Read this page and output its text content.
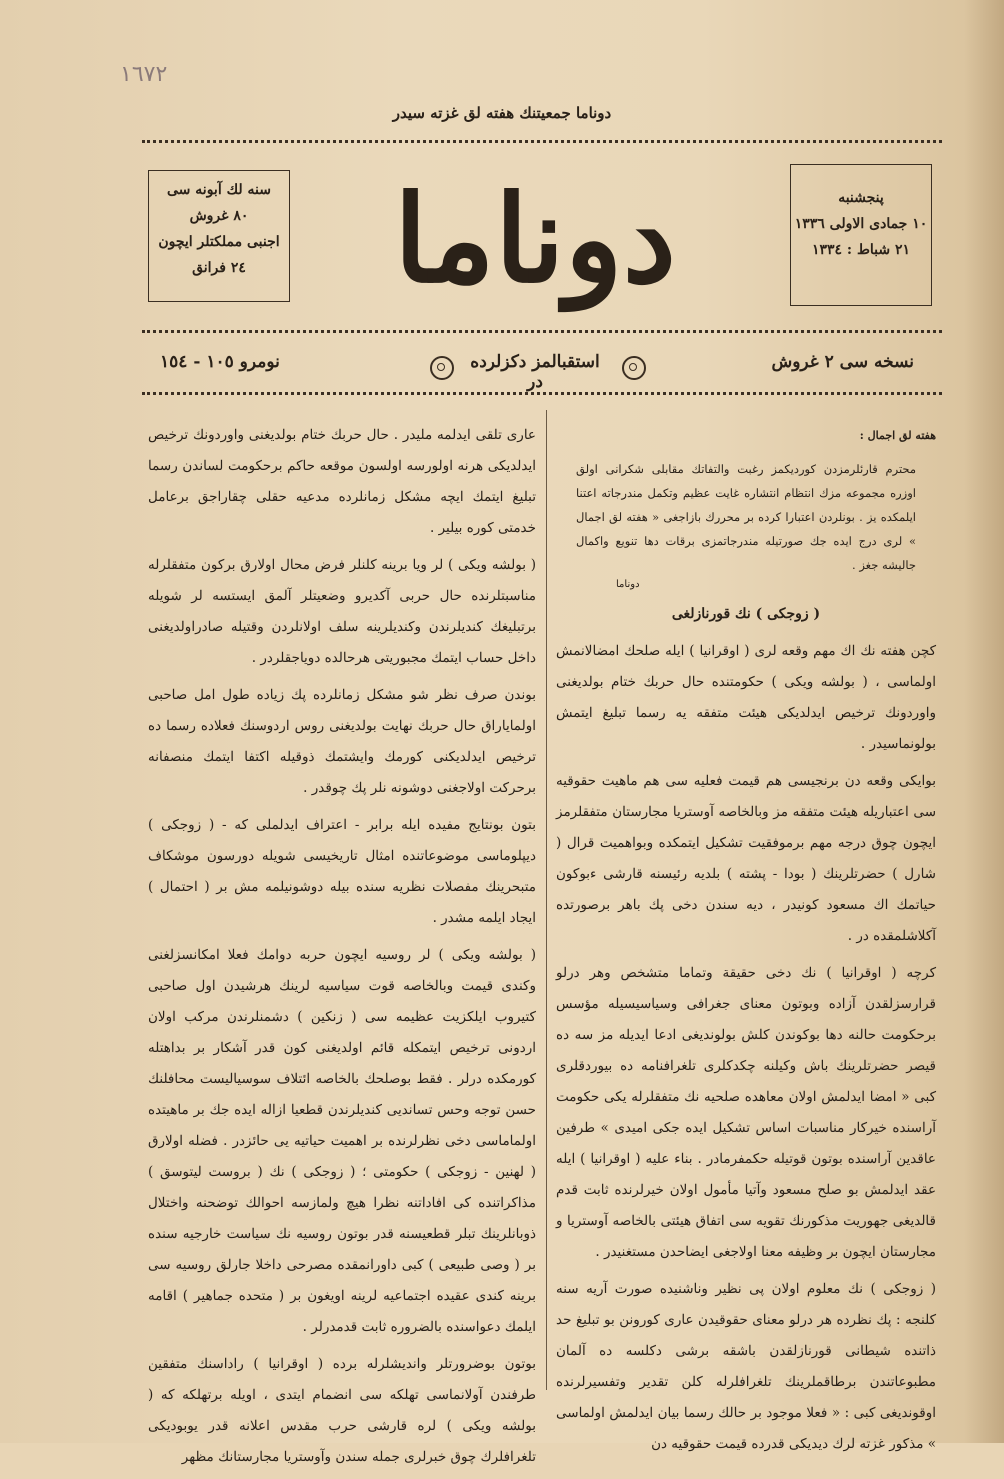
١٦٧٢
دوناما جمعيتنك هفته لق غزته سيدر
سنه لك آبونه سى
٨٠ غروش
اجنبى مملكتلر ايچون
٢٤ فرانق	دوناما	پنجشنبه
١٠ جمادى الاولى ١٣٣٦
٢١ شباط : ١٣٣٤
نسخه سى ٢ غروش
استقبالمز دكزلرده در
نومرو ١٠٥ - ١٥٤
هفته لق اجمال :
محترم قارئلرمزدن كورديكمز رغبت والتفاتك مقابلى شكرانى اولق اوزره مجموعه مزك انتظام انتشاره غايت عظيم وتكمل مندرجاته اعتنا ايلمكده يز . بونلردن اعتبارا كرده بر محررك بازاجغى « هفته لق اجمال » لرى درج ايده جك صورتيله مندرجاتمزى برقات دها تنويع واكمال جاليشه جغز .
دوناما
( زوجكى ) نك قورنازلغى

كچن هفته نك اك مهم وقعه لرى ( اوقرانيا ) ايله صلحك امضالانمش اولماسى ، ( بولشه ويكى ) حكومتنده حال حربك ختام بولديغنى واوردونك ترخيص ايدلديكى هيئت متفقه يه رسما تبليغ ايتمش بولونماسيدر .

بوايكى وقعه دن برنجيسى هم قيمت فعليه سى هم ماهيت حقوقيه سى اعتباريله هيئت متفقه مز وبالخاصه آوستريا مجارستان متفقلرمز ايچون چوق درجه مهم برموفقيت تشكيل ايتمكده وبواهميت قرال ( شارل ) حضرتلرينك ( بودا - پشته ) بلديه رئيسنه قارشى ءبوكون حياتمك اك مسعود كونيدر ، ديه سندن دخى پك باهر برصورتده آكلاشلمقده در .

كرچه ( اوقرانيا ) نك دخى حقيقة وتماما متشخص وهر درلو قرارسزلقدن آزاده وبوتون معناى جغرافى وسياسيسيله مؤسس برحكومت حالنه دها بوكوندن كلش بولونديغى ادعا ايديله مز سه ده قيصر حضرتلرينك باش وكيلنه چكدكلرى تلغرافنامه ده بيوردقلرى كبى « امضا ايدلمش اولان معاهده صلحيه نك متفقلرله يكى حكومت آراسنده خيركار مناسبات اساس تشكيل ايده جكى اميدى » طرفين عاقدين آراسنده بوتون قوتيله حكمفرمادر . بناء عليه ( اوقرانيا ) ايله عقد ايدلمش بو صلح مسعود وآتيا مأمول اولان خيرلرنده ثابت قدم قالديغى جهوريت مذكورنك تقويه سى اتفاق هيئتى بالخاصه آوستريا و مجارستان ايچون بر وظيفه معنا اولاجغى ايضاحدن مستغنيدر .

( زوجكى ) نك معلوم اولان پى نظير وناشنيده صورت آريه سنه كلنجه : پك نظرده هر درلو معناى حقوقيدن عارى كورونن بو تبليغ حد ذاتنده شيطانى قورنازلقدن باشقه برشى دكلسه ده آلمان مطبوعاتندن برطاقملرينك تلغرافلرله كلن تقدير وتفسيرلرنده اوقونديغى كبى : « فعلا موجود بر حالك رسما بيان ايدلمش اولماسى » مذكور غزته لرك ديديكى قدرده قيمت حقوقيه دن

عارى تلقى ايدلمه مليدر . حال حربك ختام بولديغنى واوردونك ترخيص ايدلديكى هرنه اولورسه اولسون موقعه حاكم برحكومت لساندن رسما تبليغ ايتمك ايچه مشكل زمانلرده مدعيه حقلى چقاراجق برعامل خدمتى كوره بيلير .

( بولشه ويكى ) لر ويا برينه كلنلر فرض محال اولارق بركون متفقلرله مناسبتلرنده حال حربى آكديرو وضعيتلر آلمق ايستسه لر شويله برتبليغك كنديلرندن وكنديلرينه سلف اولانلردن وقتيله صادراولديغنى داخل حساب ايتمك مجبوريتى هرحالده دوياجقلردر .

بوندن صرف نظر شو مشكل زمانلرده پك زياده طول امل صاحبى اولماياراق حال حربك نهايت بولديغنى روس اردوسنك فعلاده رسما ده ترخيص ايدلديكنى كورمك وايشتمك ذوقيله اكتفا ايتمك منصفانه برحركت اولاجغنى دوشونه نلر پك چوقدر .

بتون بونتايج مفيده ايله برابر - اعتراف ايدلملى كه - ( زوجكى ) ديپلوماسى موضوعاتنده امثال تاريخيسى شويله دورسون موشكاف متبحرينك مفصلات نظريه سنده بيله دوشونيلمه مش بر ( احتمال ) ايجاد ايلمه مشدر .

( بولشه ويكى ) لر روسيه ايچون حربه دوامك فعلا امكانسزلغنى وكندى قيمت وبالخاصه قوت سياسيه لرينك هرشيدن اول صاحبى كتيروب ايلكزيت عظيمه سى ( زنكين ) دشمنلرندن مركب اولان اردونى ترخيص ايتمكله قائم اولديغنى كون قدر آشكار بر بداهتله كورمكده درلر . فقط بوصلحك بالخاصه ائتلاف سوسياليست محافلنك حسن توجه وحس تسانديى كنديلرندن قطعيا ازاله ايده جك بر ماهيتده اولماماسى دخى نظرلرنده بر اهميت حياتيه يى حائزدر . فضله اولارق ( لهنين - زوجكى ) حكومتى ؛ ( زوجكى ) نك ( بروست ليتوسق ) مذاكراتنده كى افاداتنه نظرا هيچ ولمازسه احوالك توضحنه واختلال ذوبانلرينك تبلر قطعيسنه قدر بوتون روسيه نك سياست خارجيه سنده بر ( وصى طبيعى ) كبى داورانمقده مصرحى داخلا جارلق روسيه سى برينه كندى عقيده اجتماعيه لرينه اويغون بر ( متحده جماهير ) اقامه ايلمك دعواسنده بالضروره ثابت قدمدرلر .

بوتون بوضرورتلر وانديشلرله برده ( اوقرانيا ) راداسنك متفقين طرفندن آولانماسى تهلكه سى انضمام ايتدى ، اويله برتهلكه كه ( بولشه ويكى ) لره قارشى حرب مقدس اعلانه قدر يوبوديكى تلغرافلرك چوق خبرلرى جمله سندن وآوستريا مجارستانك مظهر
